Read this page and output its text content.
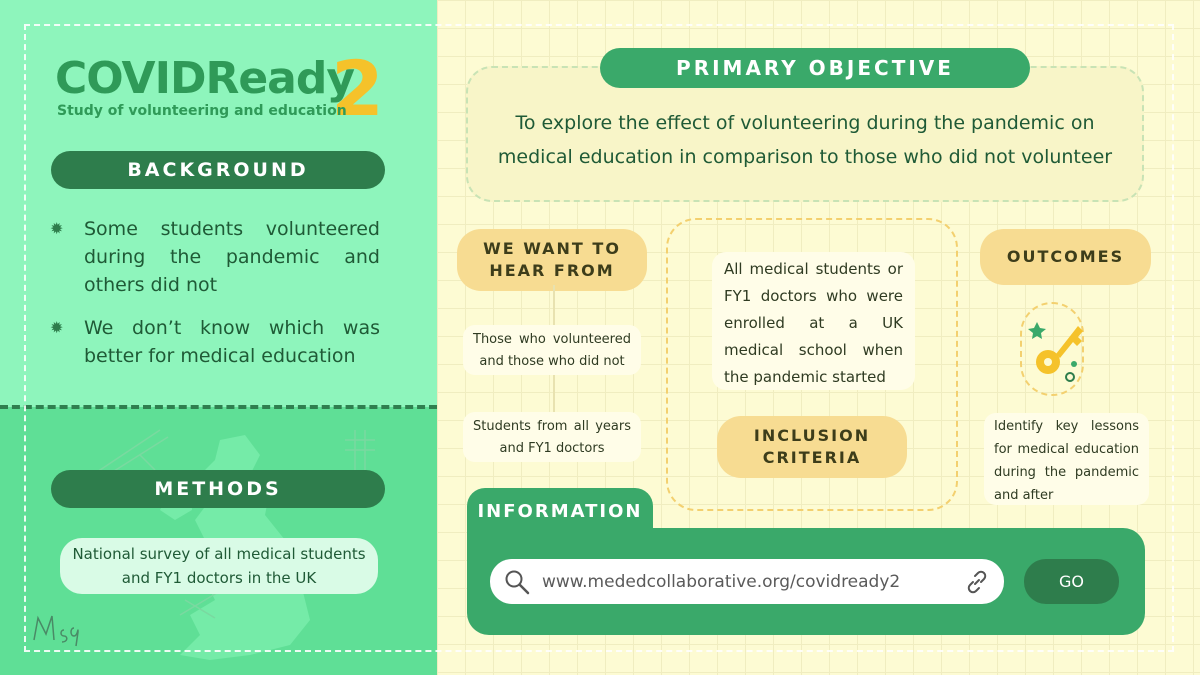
COVIDReady
2
Study of volunteering and education
BACKGROUND
✹	Some students volunteered during the pandemic and others did not
✹	We don’t know which was better for medical education
METHODS
National survey of all medical students and FY1 doctors in the UK
PRIMARY OBJECTIVE
To explore the effect of volunteering during the pandemic on medical education in comparison to those who did not volunteer
WE WANT TO HEAR FROM
Those who volunteered and those who did not
Students from all years and FY1 doctors
All medical students or FY1 doctors who were enrolled at a UK medical school when the pandemic started
INCLUSION CRITERIA
OUTCOMES
Identify key lessons for medical education during the pandemic and after
INFORMATION
www.mededcollaborative.org/covidready2	GO
